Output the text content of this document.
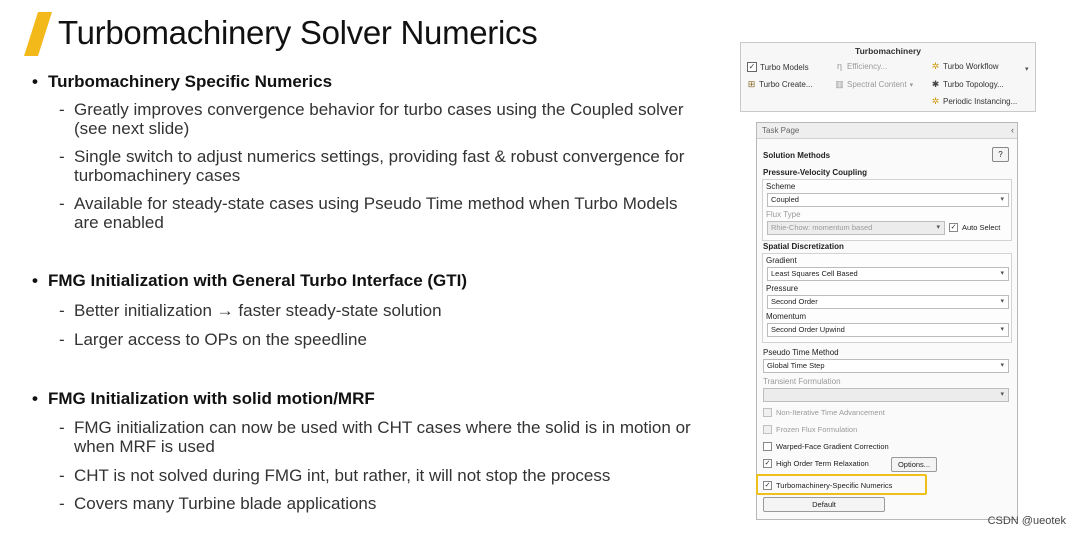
Turbomachinery Solver Numerics
• Turbomachinery Specific Numerics
- Greatly improves convergence behavior for turbo cases using the Coupled solver
(see next slide)
- Single switch to adjust numerics settings, providing fast & robust convergence for
turbomachinery cases
- Available for steady-state cases using Pseudo Time method when Turbo Models
are enabled
• FMG Initialization with General Turbo Interface (GTI)
- Better initialization → faster steady-state solution
- Larger access to OPs on the speedline
• FMG Initialization with solid motion/MRF
- FMG initialization can now be used with CHT cases where the solid is in motion or
when MRF is used
- CHT is not solved during FMG int, but rather, it will not stop the process
- Covers many Turbine blade applications
Turbomachinery
✓ Turbo Models	η Efficiency...	✲ Turbo Workflow	▾
⊞ Turbo Create...	▥ Spectral Content ▾ ✱ Turbo Topology...
✲ Periodic Instancing...
Task Page	‹
Solution Methods	?
Pressure-Velocity Coupling
Scheme
Coupled	▾
Flux Type
Rhie-Chow: momentum based	▾ ✓ Auto Select
Spatial Discretization
Gradient
Least Squares Cell Based	▾
Pressure
Second Order	▾
Momentum
Second Order Upwind	▾
Pseudo Time Method
Global Time Step	▾
Transient Formulation
▾
Non-Iterative Time Advancement
Frozen Flux Formulation
Warped-Face Gradient Correction
✓ High Order Term Relaxation	Options...
✓ Turbomachinery-Specific Numerics
Default
CSDN @ueotek
